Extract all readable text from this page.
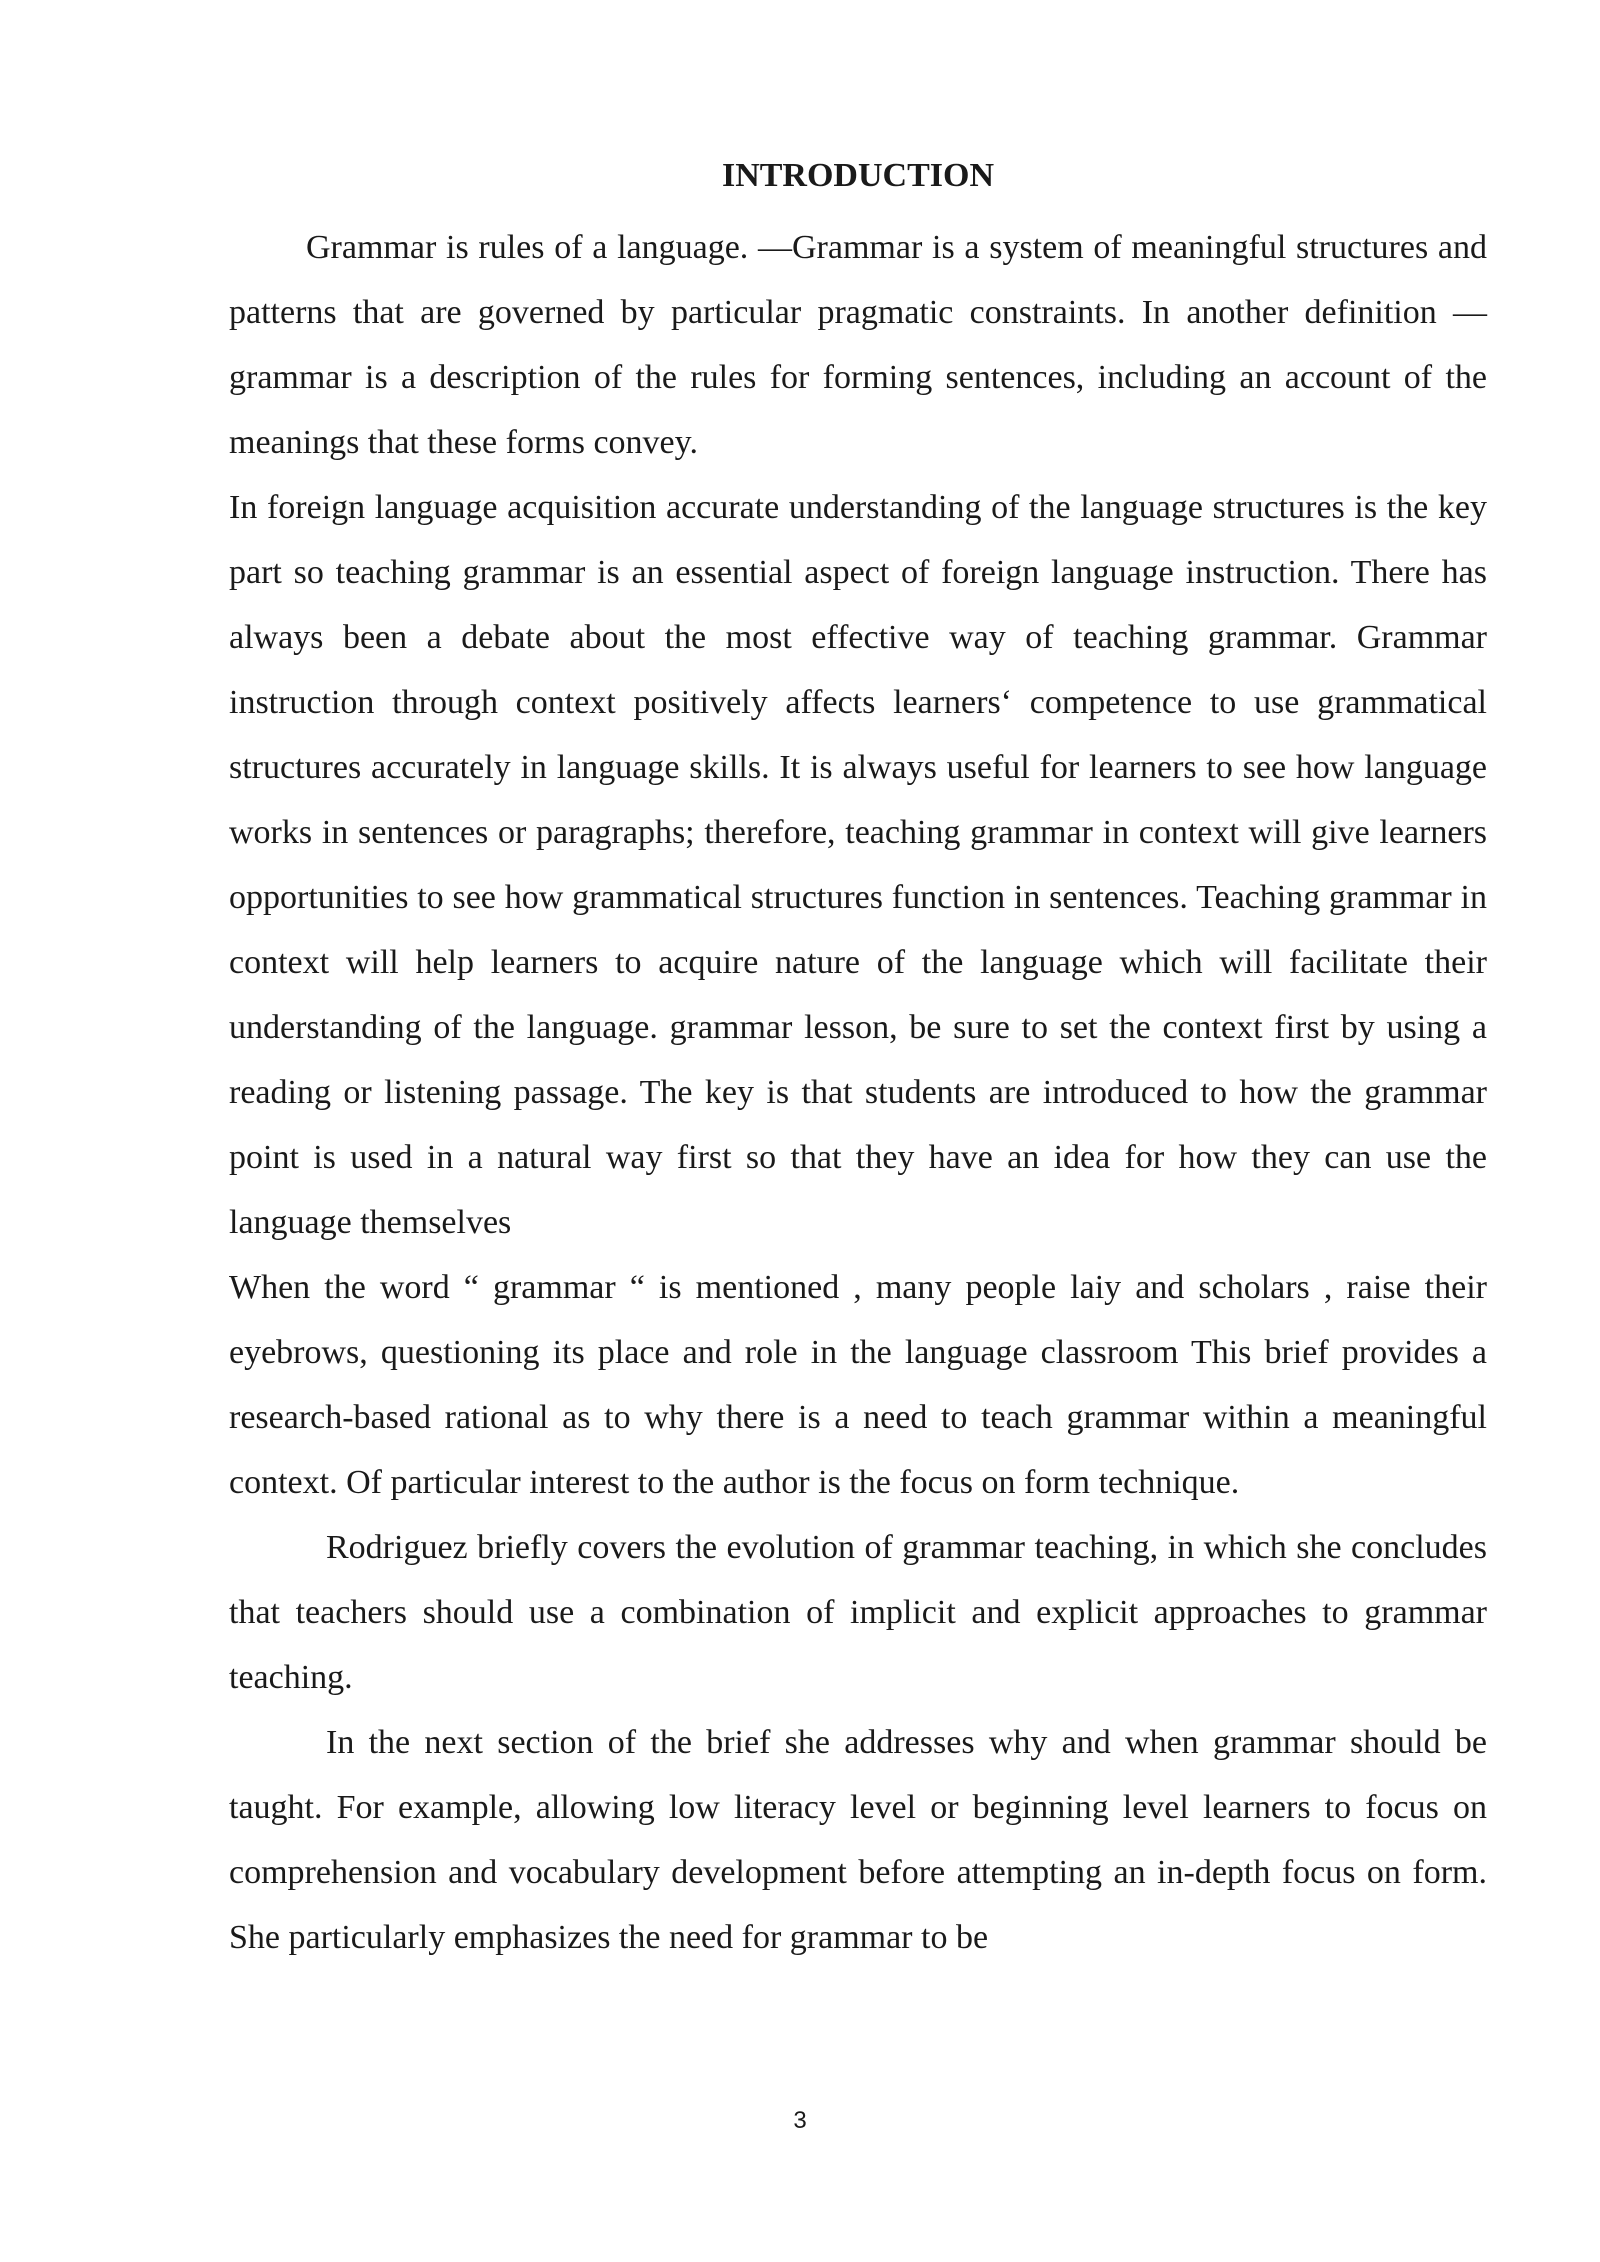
INTRODUCTION

Grammar is rules of a language. —Grammar is a system of meaningful structures and patterns that are governed by particular pragmatic constraints. In another definition —grammar is a description of the rules for forming sentences, including an account of the meanings that these forms convey.

In foreign language acquisition accurate understanding of the language structures is the key part so teaching grammar is an essential aspect of foreign language instruction. There has always been a debate about the most effective way of teaching grammar. Grammar instruction through context positively affects learners‘ competence to use grammatical structures accurately in language skills. It is always useful for learners to see how language works in sentences or paragraphs; therefore, teaching grammar in context will give learners opportunities to see how grammatical structures function in sentences. Teaching grammar in context will help learners to acquire nature of the language which will facilitate their understanding of the language. grammar lesson, be sure to set the context first by using a reading or listening passage. The key is that students are introduced to how the grammar point is used in a natural way first so that they have an idea for how they can use the language themselves

When the word “ grammar “ is mentioned , many people laiy and scholars , raise their eyebrows, questioning its place and role in the language classroom This brief provides a research-based rational as to why there is a need to teach grammar within a meaningful context. Of particular interest to the author is the focus on form technique.

Rodriguez briefly covers the evolution of grammar teaching, in which she concludes that teachers should use a combination of implicit and explicit approaches to grammar teaching.

In the next section of the brief she addresses why and when grammar should be taught. For example, allowing low literacy level or beginning level learners to focus on comprehension and vocabulary development before attempting an in-depth focus on form. She particularly emphasizes the need for grammar to be

3
